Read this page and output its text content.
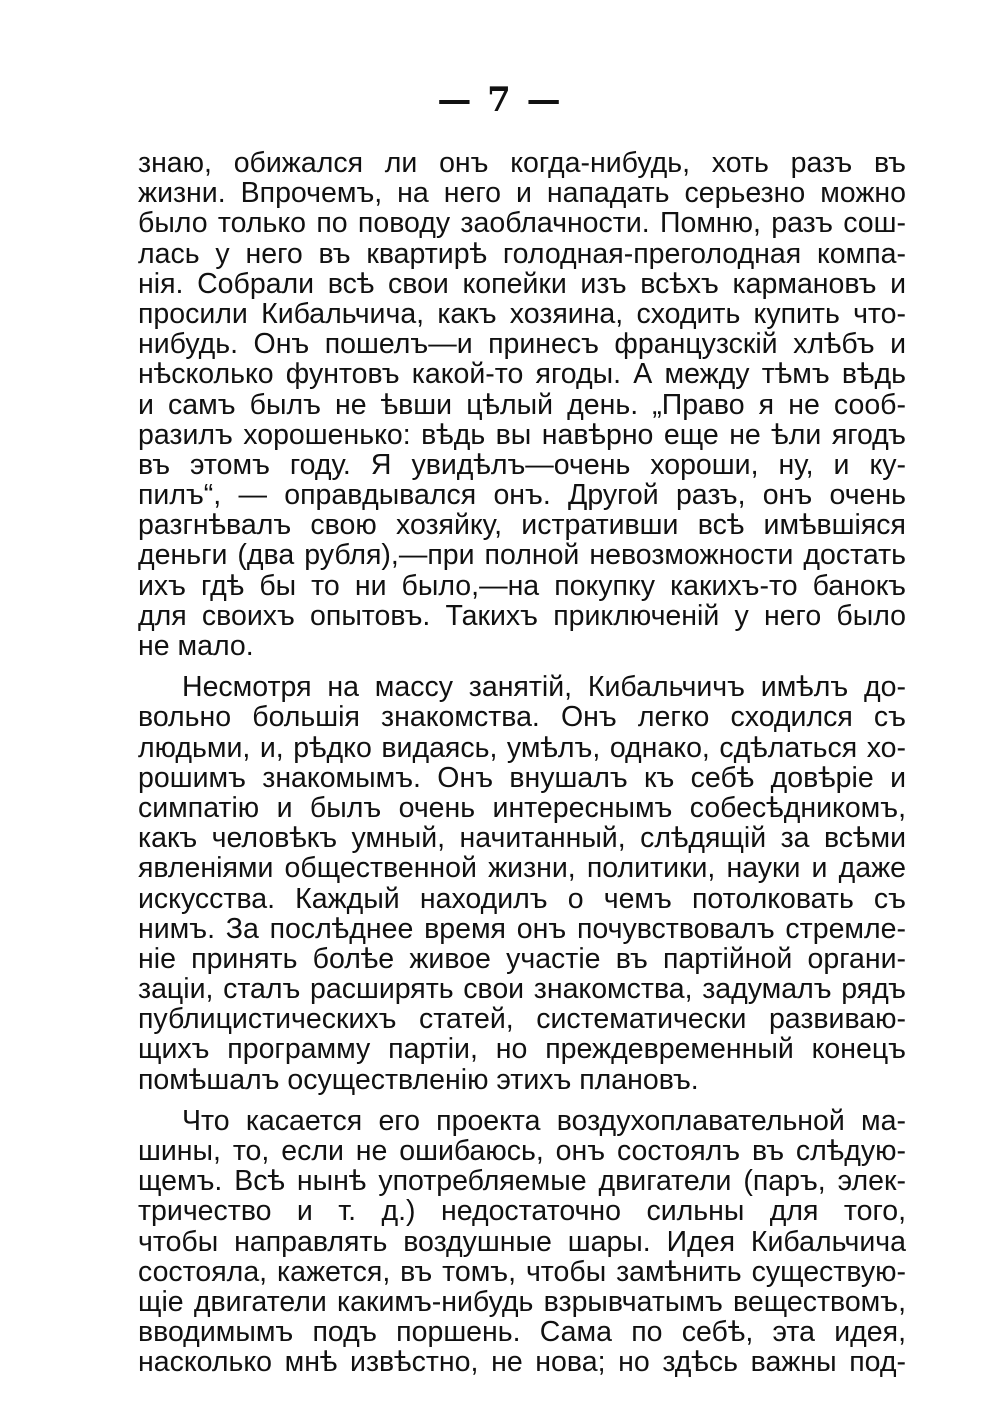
— 7 —
знаю, обижался ли онъ когда-нибудь, хоть разъ въ
жизни. Впрочемъ, на него и нападать серьезно можно
было только по поводу заоблачности. Помню, разъ сош-
лась у него въ квартирѣ голодная-преголодная компа-
нія. Собрали всѣ свои копейки изъ всѣхъ кармановъ и
просили Кибальчича, какъ хозяина, сходить купить что-
нибудь. Онъ пошелъ—и принесъ французскій хлѣбъ и
нѣсколько фунтовъ какой-то ягоды. А между тѣмъ вѣдь
и самъ былъ не ѣвши цѣлый день. „Право я не сооб-
разилъ хорошенько: вѣдь вы навѣрно еще не ѣли ягодъ
въ этомъ году. Я увидѣлъ—очень хороши, ну, и ку-
пилъ“, — оправдывался онъ. Другой разъ, онъ очень
разгнѣвалъ свою хозяйку, истративши всѣ имѣвшіяся
деньги (два рубля),—при полной невозможности достать
ихъ гдѣ бы то ни было,—на покупку какихъ-то банокъ
для своихъ опытовъ. Такихъ приключеній у него было
не мало.
Несмотря на массу занятій, Кибальчичъ имѣлъ до-
вольно большія знакомства. Онъ легко сходился съ
людьми, и, рѣдко видаясь, умѣлъ, однако, сдѣлаться хо-
рошимъ знакомымъ. Онъ внушалъ къ себѣ довѣріе и
симпатію и былъ очень интереснымъ собесѣдникомъ,
какъ человѣкъ умный, начитанный, слѣдящій за всѣми
явленіями общественной жизни, политики, науки и даже
искусства. Каждый находилъ о чемъ потолковать съ
нимъ. За послѣднее время онъ почувствовалъ стремле-
ніе принять болѣе живое участіе въ партійной органи-
заціи, сталъ расширять свои знакомства, задумалъ рядъ
публицистическихъ статей, систематически развиваю-
щихъ программу партіи, но преждевременный конецъ
помѣшалъ осуществленію этихъ плановъ.
Что касается его проекта воздухоплавательной ма-
шины, то, если не ошибаюсь, онъ состоялъ въ слѣдую-
щемъ. Всѣ нынѣ употребляемые двигатели (паръ, элек-
тричество и т. д.) недостаточно сильны для того,
чтобы направлять воздушные шары. Идея Кибальчича
состояла, кажется, въ томъ, чтобы замѣнить существую-
щіе двигатели какимъ-нибудь взрывчатымъ веществомъ,
вводимымъ подъ поршень. Сама по себѣ, эта идея,
насколько мнѣ извѣстно, не нова; но здѣсь важны под-
